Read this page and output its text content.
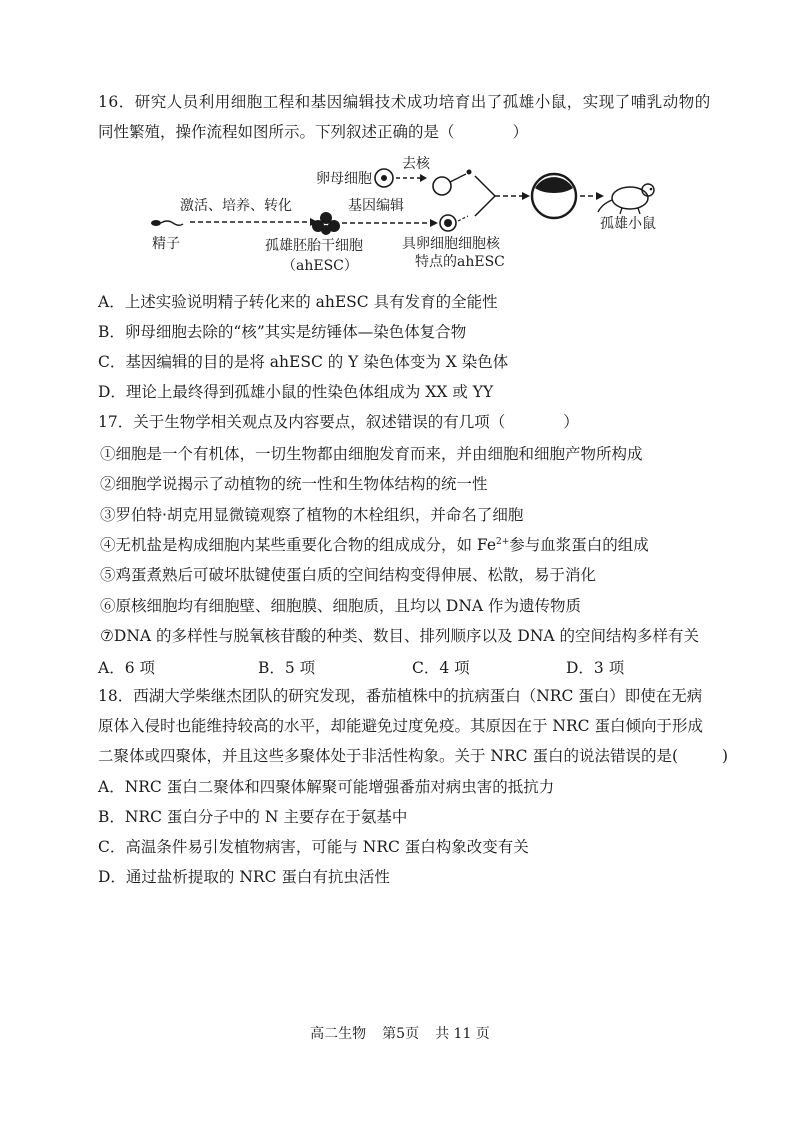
16．研究人员利用细胞工程和基因编辑技术成功培育出了孤雄小鼠，实现了哺乳动物的
同性繁殖，操作流程如图所示。下列叙述正确的是（	）
卵母细胞
去核
精子
激活、培养、转化
孤雄胚胎干细胞
（ahESC）
基因编辑
具卵细胞细胞核
特点的ahESC
孤雄小鼠
A．上述实验说明精子转化来的 ahESC 具有发育的全能性
B．卵母细胞去除的“核”其实是纺锤体—染色体复合物
C．基因编辑的目的是将 ahESC 的 Y 染色体变为 X 染色体
D．理论上最终得到孤雄小鼠的性染色体组成为 XX 或 YY
17．关于生物学相关观点及内容要点，叙述错误的有几项（	）
①细胞是一个有机体，一切生物都由细胞发育而来，并由细胞和细胞产物所构成
②细胞学说揭示了动植物的统一性和生物体结构的统一性
③罗伯特·胡克用显微镜观察了植物的木栓组织，并命名了细胞
④无机盐是构成细胞内某些重要化合物的组成成分，如 $Fe^{2+}$参与血浆蛋白的组成
⑤鸡蛋煮熟后可破坏肽键使蛋白质的空间结构变得伸展、松散，易于消化
⑥原核细胞均有细胞壁、细胞膜、细胞质，且均以 DNA 作为遗传物质
⑦DNA 的多样性与脱氧核苷酸的种类、数目、排列顺序以及 DNA 的空间结构多样有关
A．6 项	B．5 项	C．4 项	D．3 项
18．西湖大学柴继杰团队的研究发现，番茄植株中的抗病蛋白（NRC 蛋白）即使在无病
原体入侵时也能维持较高的水平，却能避免过度免疫。其原因在于 NRC 蛋白倾向于形成
二聚体或四聚体，并且这些多聚体处于非活性构象。关于 NRC 蛋白的说法错误的是(	)
A．NRC 蛋白二聚体和四聚体解聚可能增强番茄对病虫害的抵抗力
B．NRC 蛋白分子中的 N 主要存在于氨基中
C．高温条件易引发植物病害，可能与 NRC 蛋白构象改变有关
D．通过盐析提取的 NRC 蛋白有抗虫活性
高二生物 第5页 共 11 页
